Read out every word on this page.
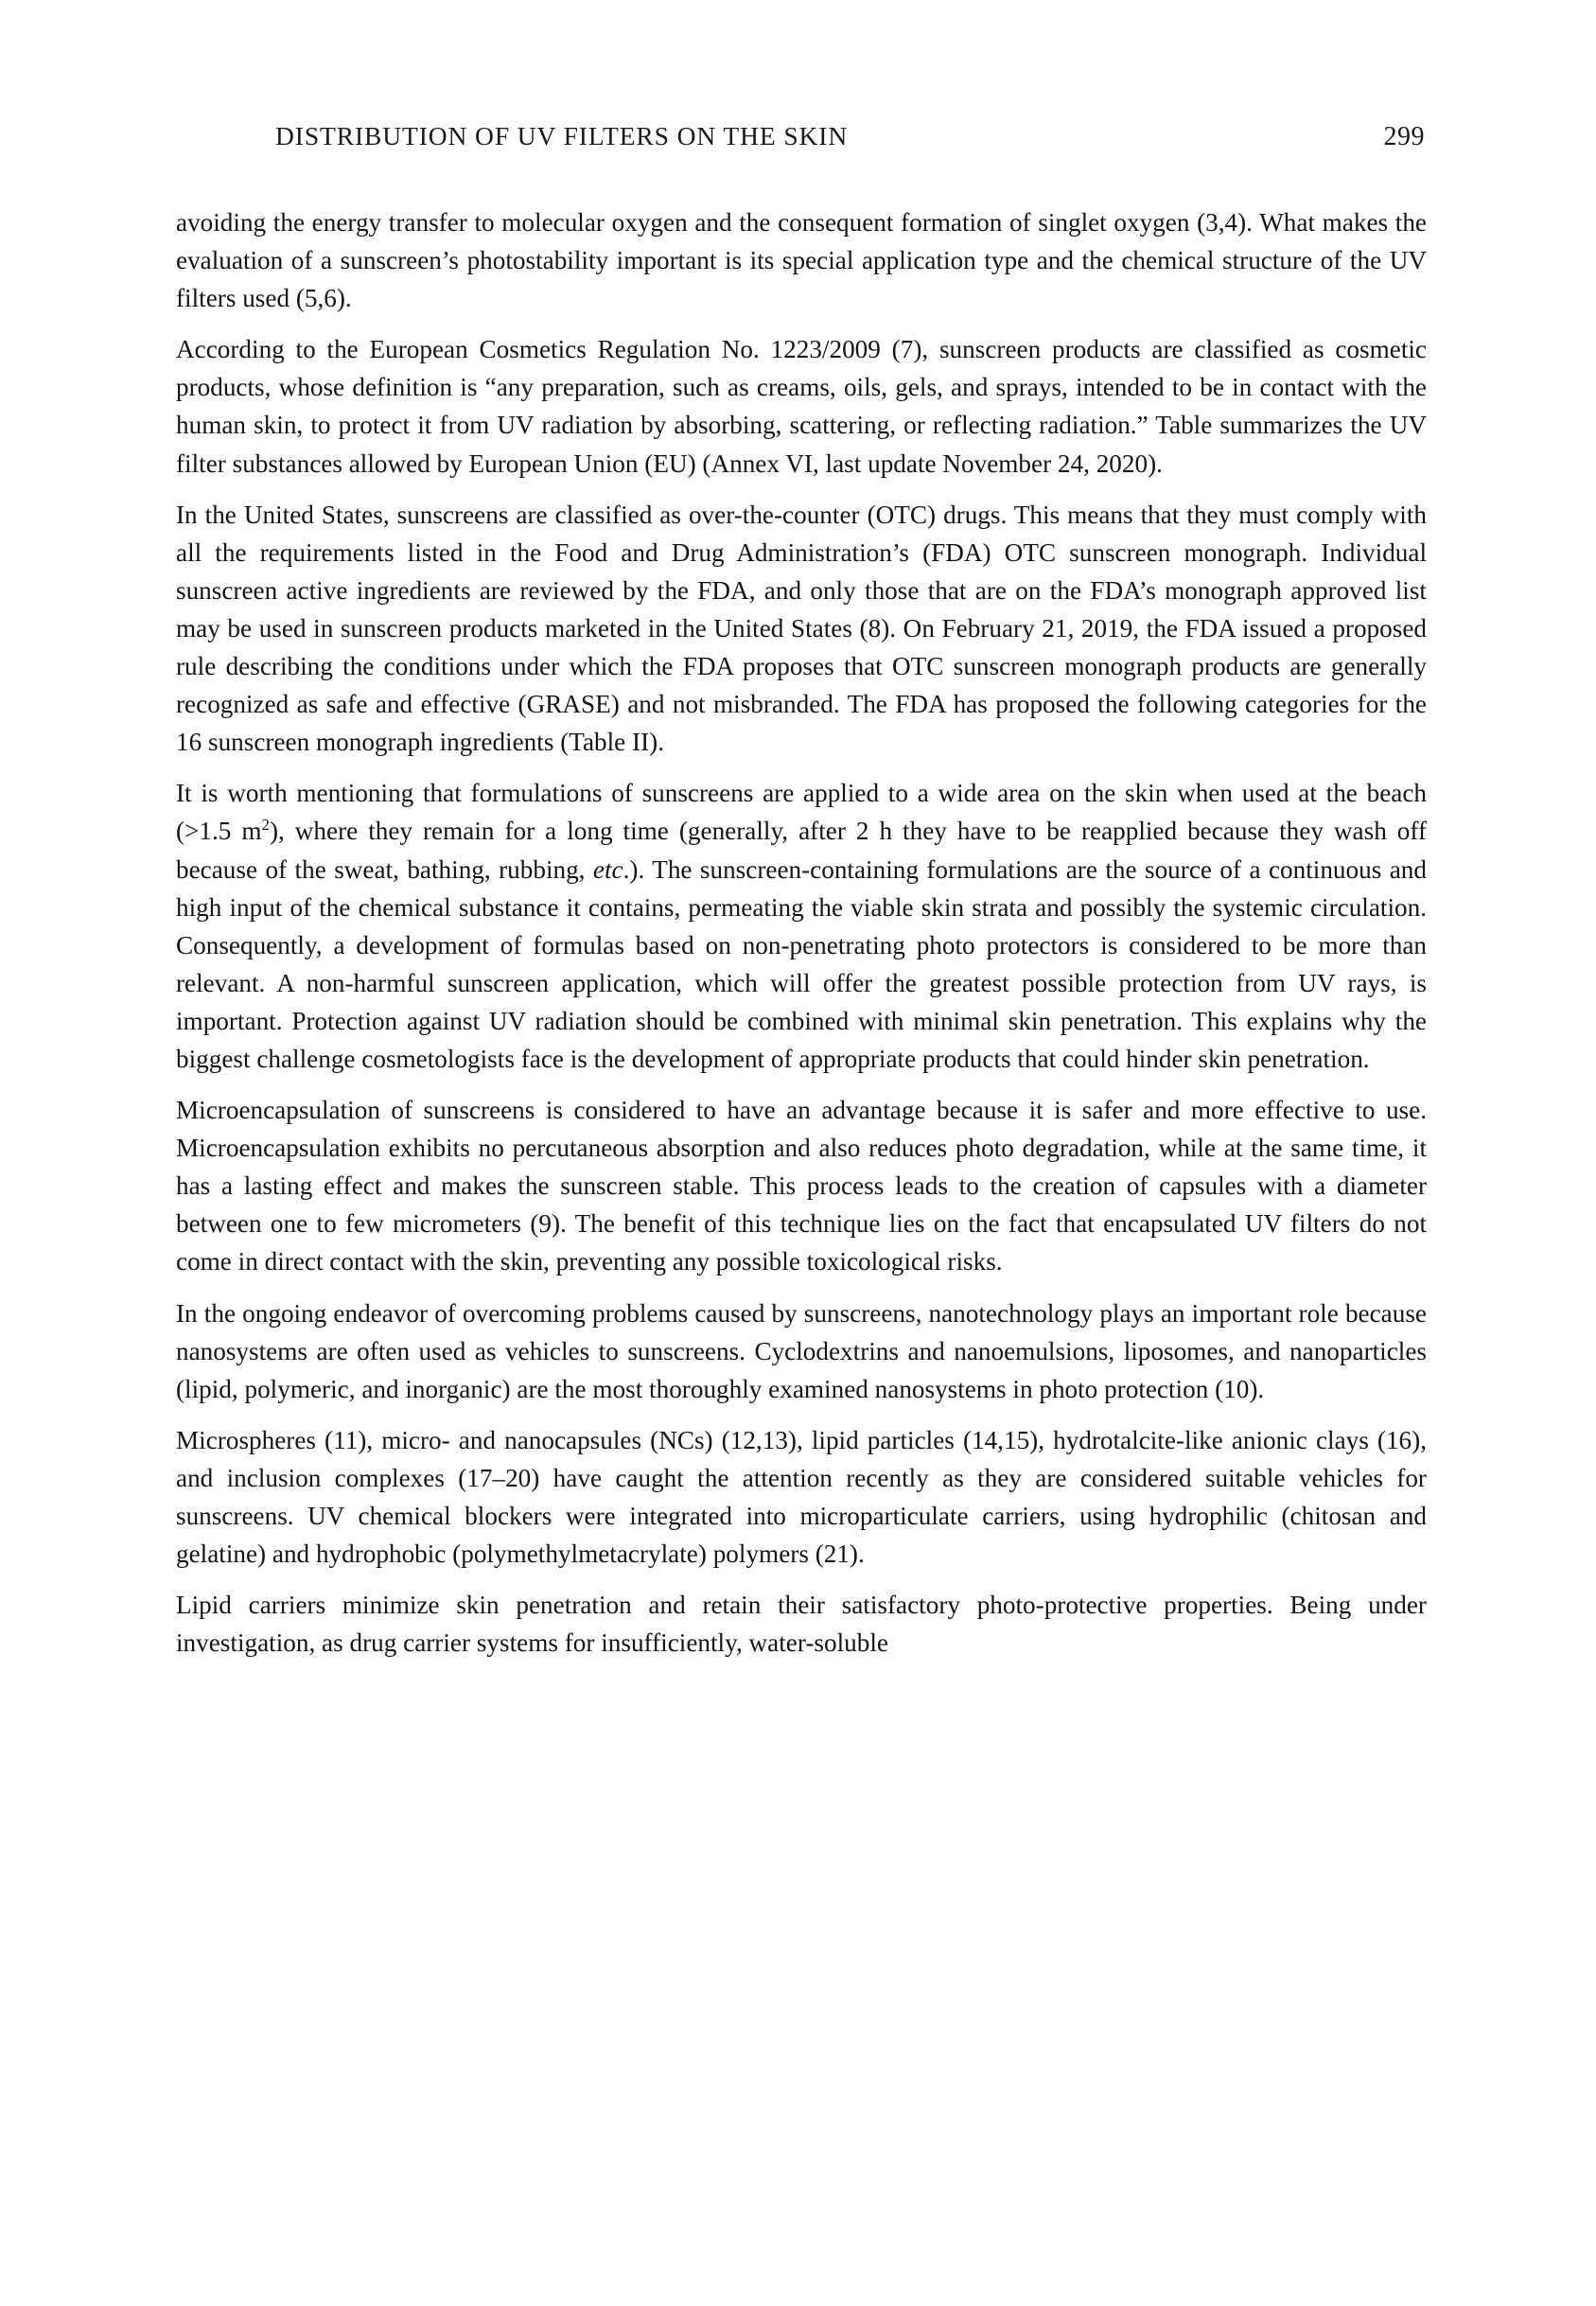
DISTRIBUTION OF UV FILTERS ON THE SKIN	299

avoiding the energy transfer to molecular oxygen and the consequent formation of singlet oxygen (3,4). What makes the evaluation of a sunscreen’s photostability important is its special application type and the chemical structure of the UV filters used (5,6).

According to the European Cosmetics Regulation No. 1223/2009 (7), sunscreen products are classified as cosmetic products, whose definition is “any preparation, such as creams, oils, gels, and sprays, intended to be in contact with the human skin, to protect it from UV radiation by absorbing, scattering, or reflecting radiation.” Table summarizes the UV filter substances allowed by European Union (EU) (Annex VI, last update November 24, 2020).

In the United States, sunscreens are classified as over-the-counter (OTC) drugs. This means that they must comply with all the requirements listed in the Food and Drug Administration’s (FDA) OTC sunscreen monograph. Individual sunscreen active ingredients are reviewed by the FDA, and only those that are on the FDA’s monograph approved list may be used in sunscreen products marketed in the United States (8). On February 21, 2019, the FDA issued a proposed rule describing the conditions under which the FDA proposes that OTC sunscreen monograph products are generally recognized as safe and effective (GRASE) and not misbranded. The FDA has proposed the following categories for the 16 sunscreen monograph ingredients (Table II).

It is worth mentioning that formulations of sunscreens are applied to a wide area on the skin when used at the beach (>1.5 $m^2$), where they remain for a long time (generally, after 2 h they have to be reapplied because they wash off because of the sweat, bathing, rubbing, etc.). The sunscreen-containing formulations are the source of a continuous and high input of the chemical substance it contains, permeating the viable skin strata and possibly the systemic circulation. Consequently, a development of formulas based on non-penetrating photo protectors is considered to be more than relevant. A non-harmful sunscreen application, which will offer the greatest possible protection from UV rays, is important. Protection against UV radiation should be combined with minimal skin penetration. This explains why the biggest challenge cosmetologists face is the development of appropriate products that could hinder skin penetration.

Microencapsulation of sunscreens is considered to have an advantage because it is safer and more effective to use. Microencapsulation exhibits no percutaneous absorption and also reduces photo degradation, while at the same time, it has a lasting effect and makes the sunscreen stable. This process leads to the creation of capsules with a diameter between one to few micrometers (9). The benefit of this technique lies on the fact that encapsulated UV filters do not come in direct contact with the skin, preventing any possible toxicological risks.

In the ongoing endeavor of overcoming problems caused by sunscreens, nanotechnology plays an important role because nanosystems are often used as vehicles to sunscreens. Cyclodextrins and nanoemulsions, liposomes, and nanoparticles (lipid, polymeric, and inorganic) are the most thoroughly examined nanosystems in photo protection (10).

Microspheres (11), micro- and nanocapsules (NCs) (12,13), lipid particles (14,15), hydrotalcite-like anionic clays (16), and inclusion complexes (17–20) have caught the attention recently as they are considered suitable vehicles for sunscreens. UV chemical blockers were integrated into microparticulate carriers, using hydrophilic (chitosan and gelatine) and hydrophobic (polymethylmetacrylate) polymers (21).

Lipid carriers minimize skin penetration and retain their satisfactory photo-protective properties. Being under investigation, as drug carrier systems for insufficiently, water-soluble
